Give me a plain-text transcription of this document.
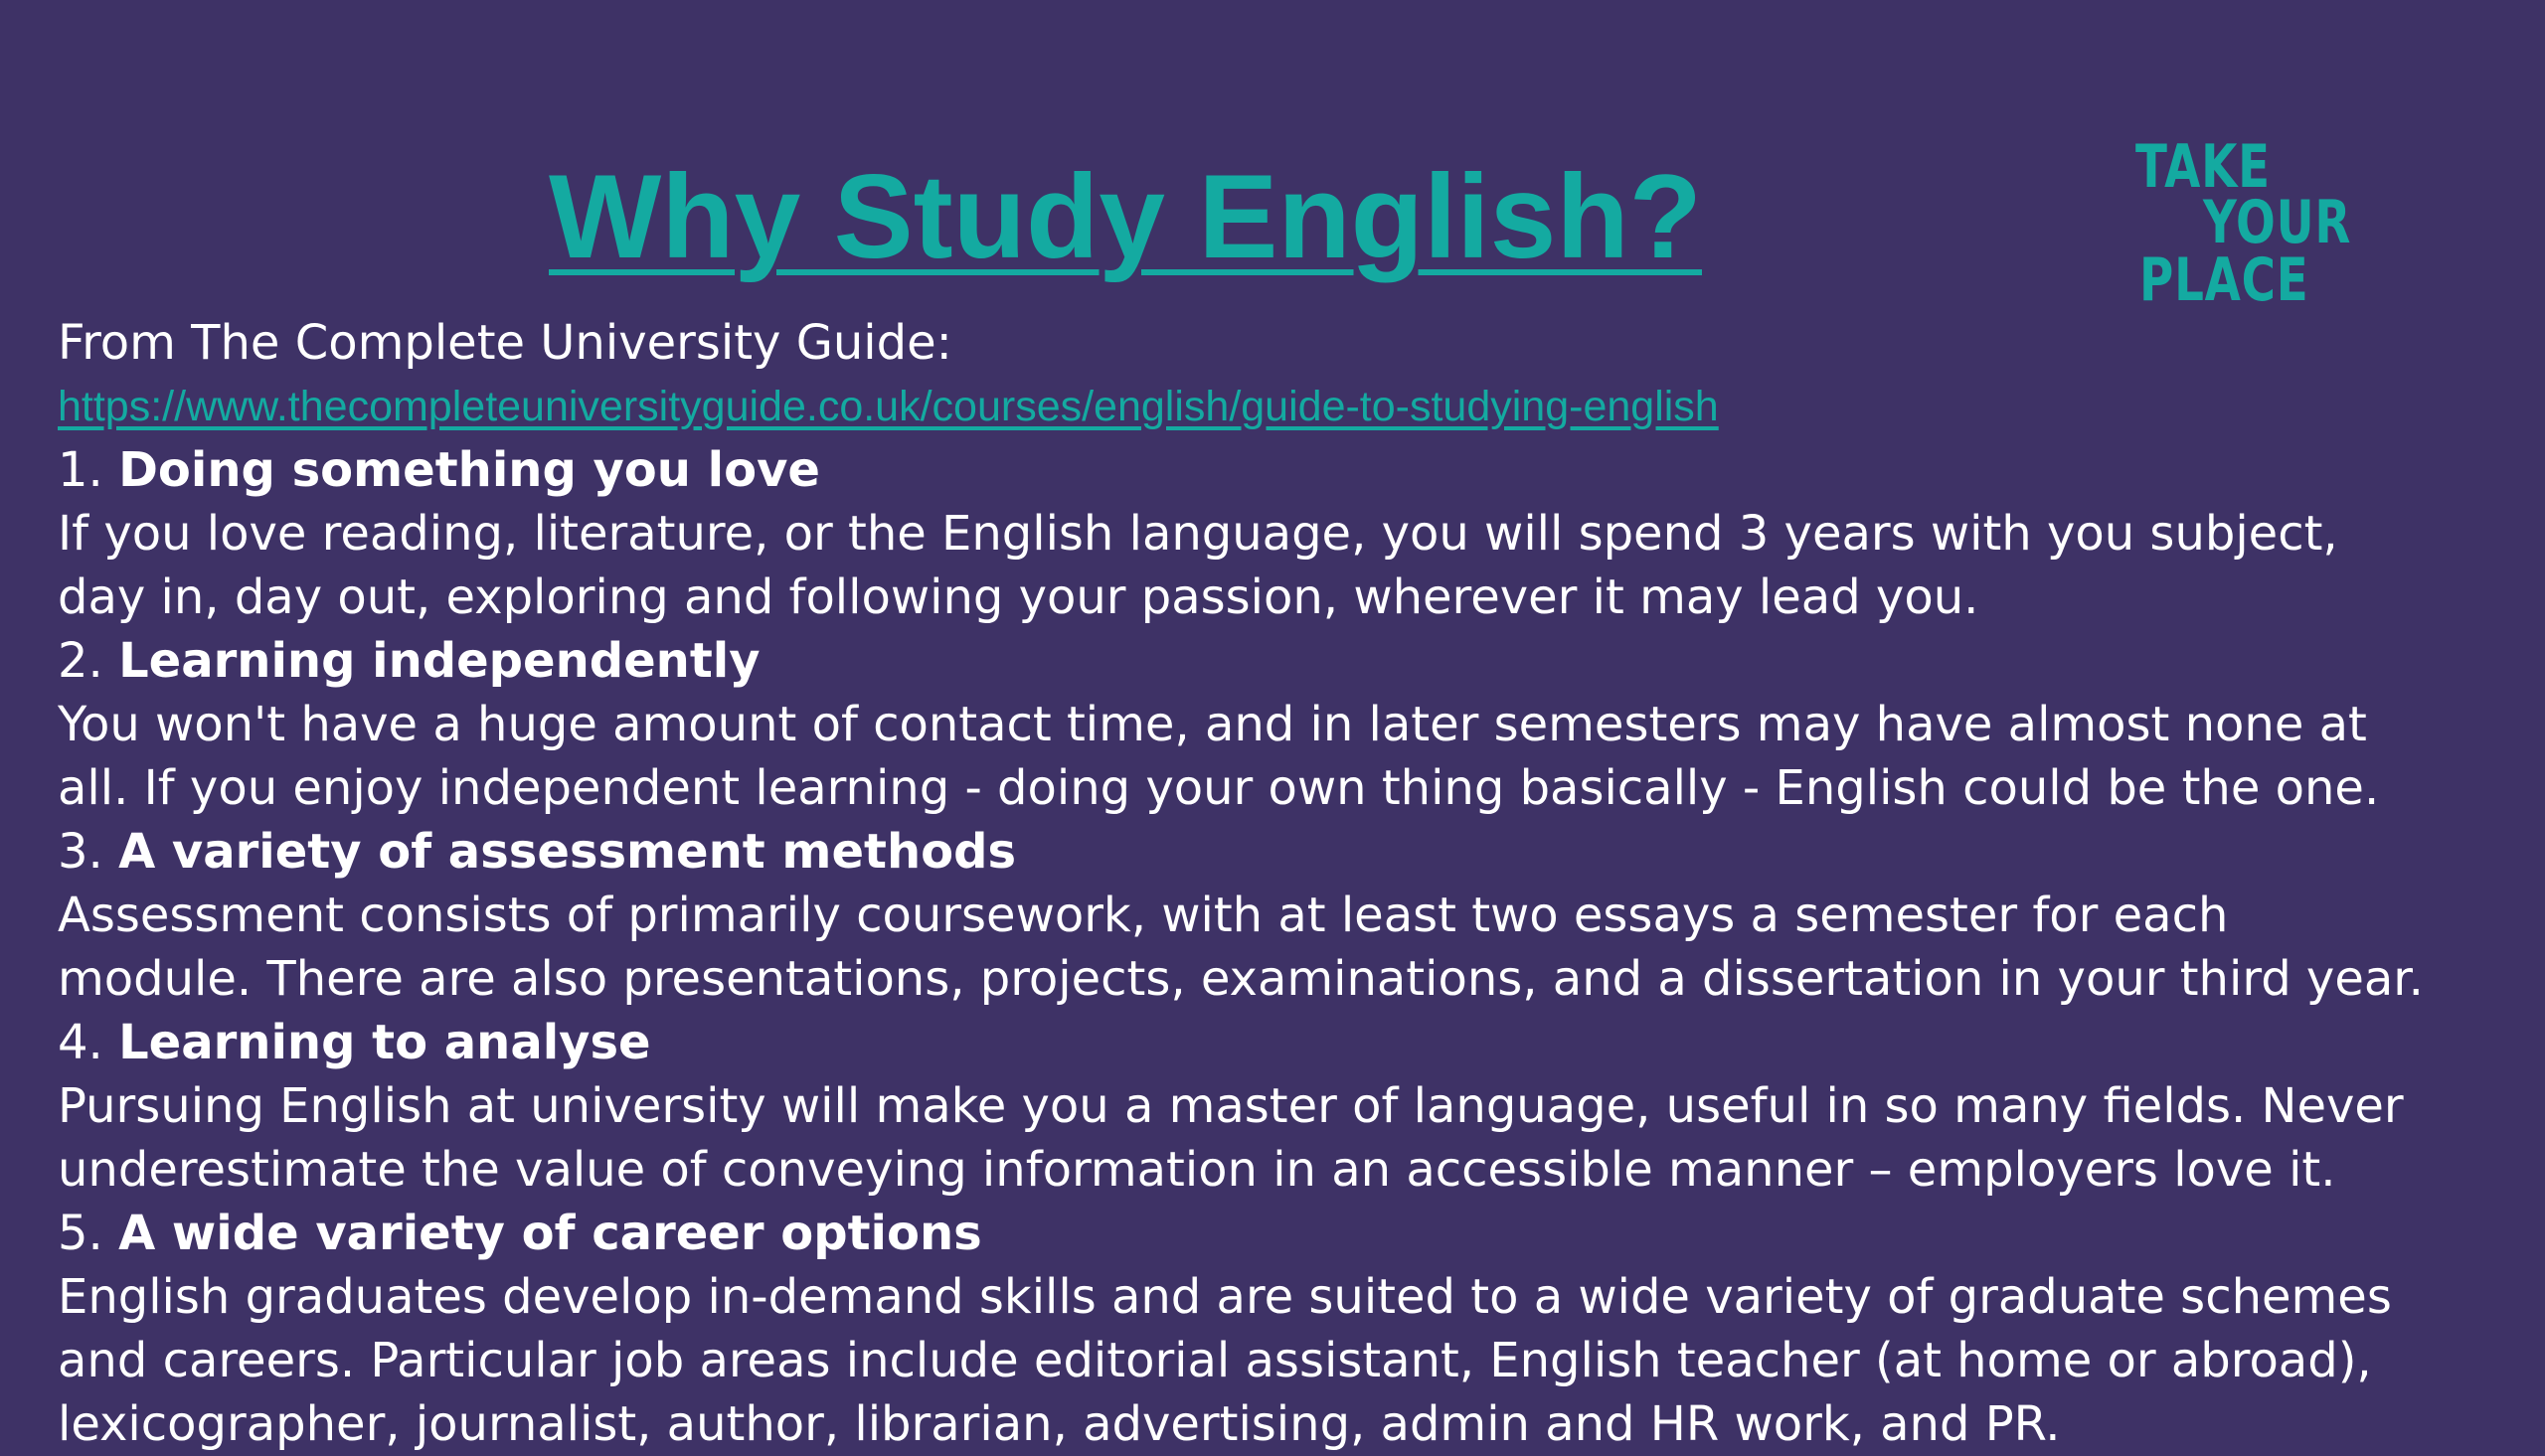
Why Study English?	TAKE
YOUR
PLACE

From The Complete University Guide:

https://www.thecompleteuniversityguide.co.uk/courses/english/guide-to-studying-english

1. Doing something you love

If you love reading, literature, or the English language, you will spend 3 years with you subject,

day in, day out, exploring and following your passion, wherever it may lead you.

2. Learning independently

You won't have a huge amount of contact time, and in later semesters may have almost none at

all. If you enjoy independent learning - doing your own thing basically - English could be the one.

3. A variety of assessment methods

Assessment consists of primarily coursework, with at least two essays a semester for each

module. There are also presentations, projects, examinations, and a dissertation in your third year.

4. Learning to analyse

Pursuing English at university will make you a master of language, useful in so many fields. Never

underestimate the value of conveying information in an accessible manner – employers love it.

5. A wide variety of career options

English graduates develop in-demand skills and are suited to a wide variety of graduate schemes

and careers. Particular job areas include editorial assistant, English teacher (at home or abroad),

lexicographer, journalist, author, librarian, advertising, admin and HR work, and PR.
